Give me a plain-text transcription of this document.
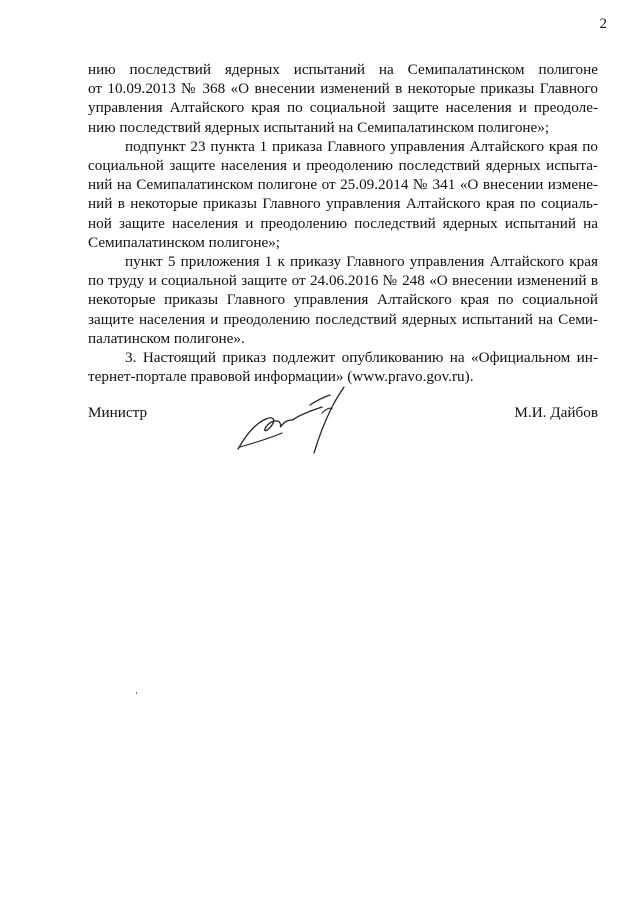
2
нию последствий ядерных испытаний на Семипалатинском полигоне
от 10.09.2013 № 368 «О внесении изменений в некоторые приказы Главного
управления Алтайского края по социальной защите населения и преодоле-
нию последствий ядерных испытаний на Семипалатинском полигоне»;
подпункт 23 пункта 1 приказа Главного управления Алтайского края по
социальной защите населения и преодолению последствий ядерных испыта-
ний на Семипалатинском полигоне от 25.09.2014 № 341 «О внесении измене-
ний в некоторые приказы Главного управления Алтайского края по социаль-
ной защите населения и преодолению последствий ядерных испытаний на
Семипалатинском полигоне»;
пункт 5 приложения 1 к приказу Главного управления Алтайского края
по труду и социальной защите от 24.06.2016 № 248 «О внесении изменений в
некоторые приказы Главного управления Алтайского края по социальной
защите населения и преодолению последствий ядерных испытаний на Семи-
палатинском полигоне».
3. Настоящий приказ подлежит опубликованию на «Официальном ин-
Министр	М.И. Дайбов
тернет-портале правовой информации» (www.pravo.gov.ru).
